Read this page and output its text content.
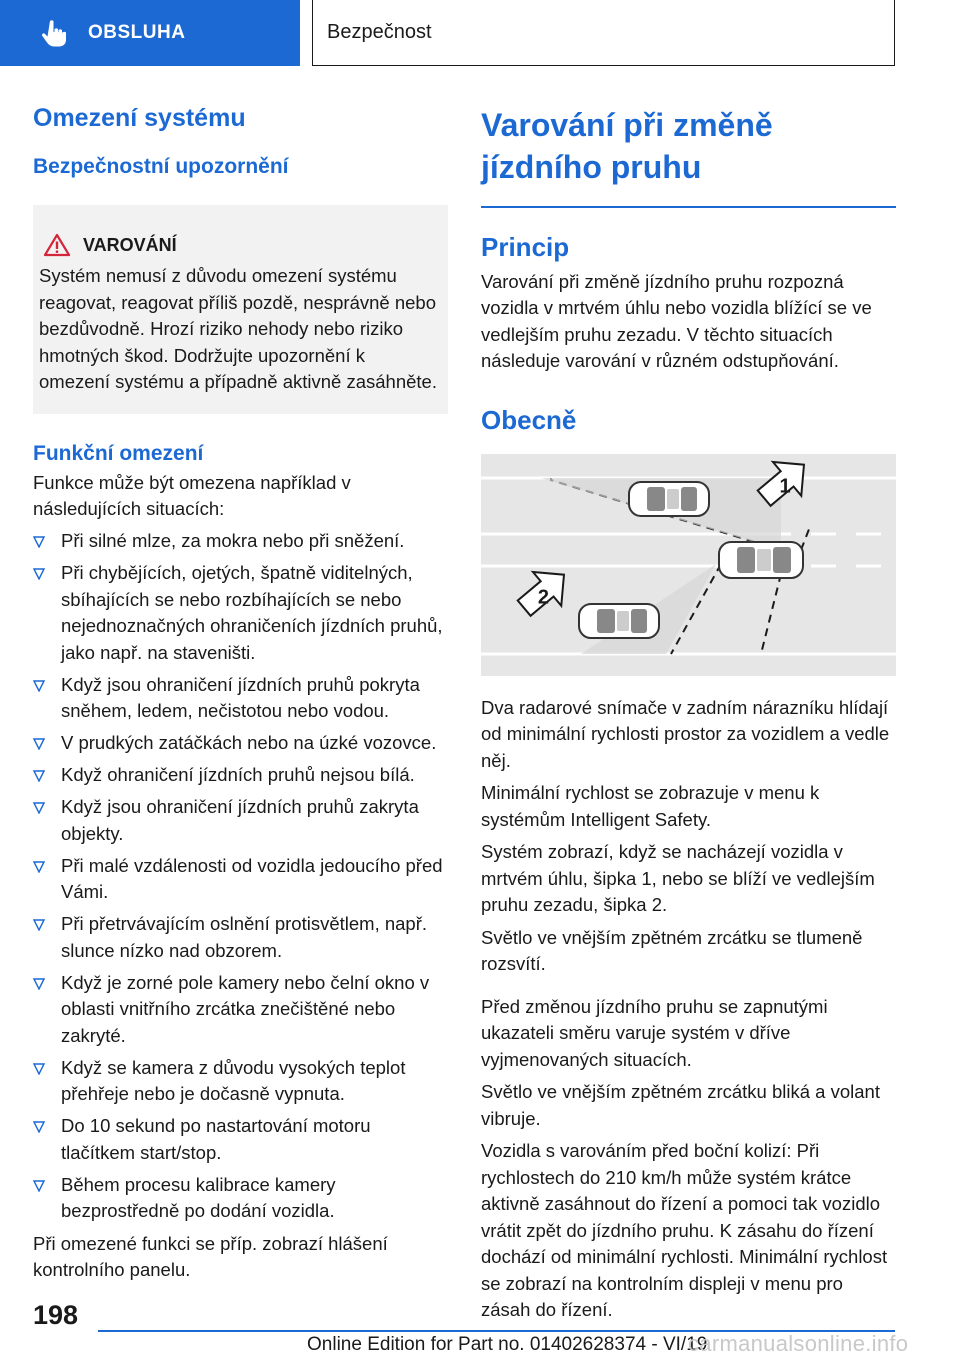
OBSLUHA	Bezpečnost
Omezení systému
Bezpečnostní upozornění
VAROVÁNÍ
Systém nemusí z důvodu omezení systému reagovat, reagovat příliš pozdě, nesprávně nebo bezdůvodně. Hrozí riziko nehody nebo riziko hmotných škod. Dodržujte upozornění k omezení systému a případně aktivně zasáhněte.
Funkční omezení
Funkce může být omezena například v následujících situacích:
Při silné mlze, za mokra nebo při sněžení.
Při chybějících, ojetých, špatně viditelných, sbíhajících se nebo rozbíhajících se nebo nejednoznačných ohraničeních jízdních pruhů, jako např. na staveništi.
Když jsou ohraničení jízdních pruhů pokryta sněhem, ledem, nečistotou nebo vodou.
V prudkých zatáčkách nebo na úzké vozovce.
Když ohraničení jízdních pruhů nejsou bílá.
Když jsou ohraničení jízdních pruhů zakryta objekty.
Při malé vzdálenosti od vozidla jedoucího před Vámi.
Při přetrvávajícím oslnění protisvětlem, např. slunce nízko nad obzorem.
Když je zorné pole kamery nebo čelní okno v oblasti vnitřního zrcátka znečištěné nebo zakryté.
Když se kamera z důvodu vysokých teplot přehřeje nebo je dočasně vypnuta.
Do 10 sekund po nastartování motoru tlačítkem start/stop.
Během procesu kalibrace kamery bezprostředně po dodání vozidla.
Při omezené funkci se příp. zobrazí hlášení kontrolního panelu.
Varování při změně jízdního pruhu
Princip
Varování při změně jízdního pruhu rozpozná vozidla v mrtvém úhlu nebo vozidla blížící se ve vedlejším pruhu zezadu. V těchto situacích následuje varování v různém odstupňování.
Obecně
1
2
Dva radarové snímače v zadním nárazníku hlídají od minimální rychlosti prostor za vozidlem a vedle něj.
Minimální rychlost se zobrazuje v menu k systémům Intelligent Safety.
Systém zobrazí, když se nacházejí vozidla v mrtvém úhlu, šipka 1, nebo se blíží ve vedlejším pruhu zezadu, šipka 2.
Světlo ve vnějším zpětném zrcátku se tlumeně rozsvítí.
Před změnou jízdního pruhu se zapnutými ukazateli směru varuje systém v dříve vyjmenovaných situacích.
Světlo ve vnějším zpětném zrcátku bliká a volant vibruje.
Vozidla s varováním před boční kolizí: Při rychlostech do 210 km/h může systém krátce aktivně zasáhnout do řízení a pomoci tak vozidlo vrátit zpět do jízdního pruhu. K zásahu do řízení dochází od minimální rychlosti. Minimální rychlost se zobrazí na kontrolním displeji v menu pro zásah do řízení.
198
Online Edition for Part no. 01402628374 - VI/19
carmanualsonline.info
